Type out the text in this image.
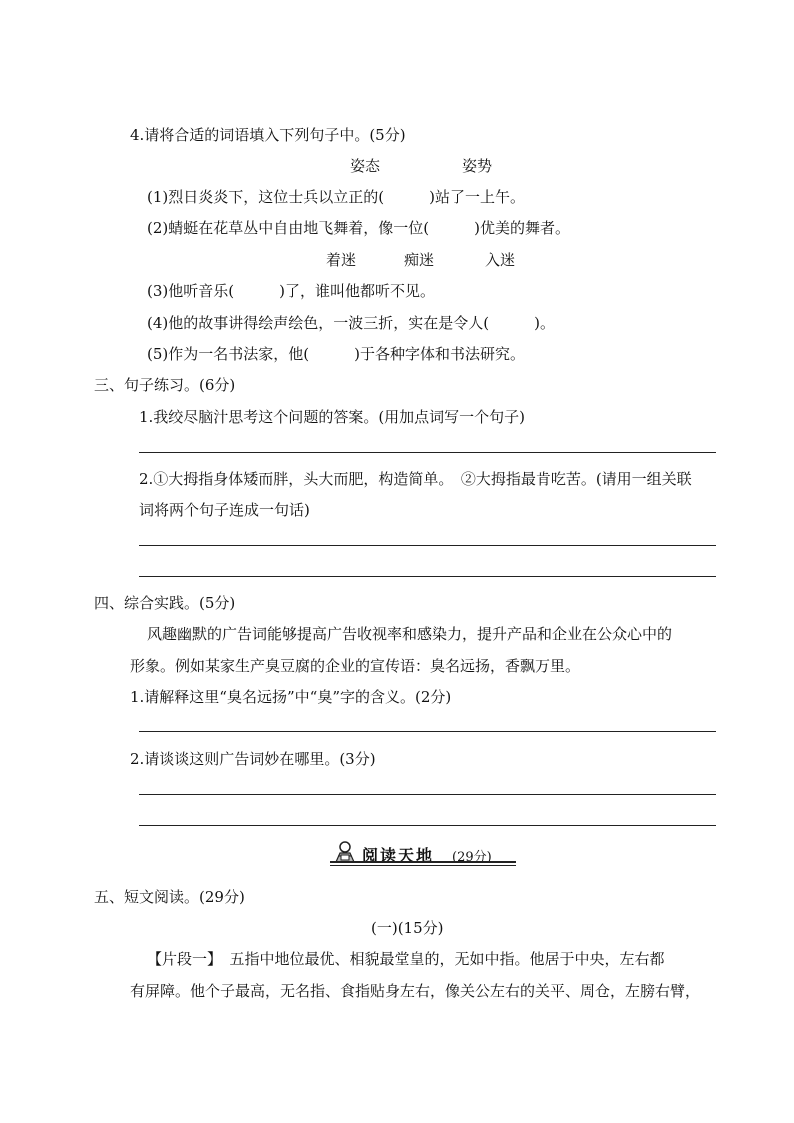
4.请将合适的词语填入下列句子中。(5分)
姿态	姿势
(1)烈日炎炎下，这位士兵以立正的(　　　)站了一上午。
(2)蜻蜓在花草丛中自由地飞舞着，像一位(　　　)优美的舞者。
着迷	痴迷	入迷
(3)他听音乐(　　　)了，谁叫他都听不见。
(4)他的故事讲得绘声绘色，一波三折，实在是令人(　　　)。
(5)作为一名书法家，他(　　　)于各种字体和书法研究。
三、句子练习。(6分)
1.我绞尽脑汁思考这个问题的答案。(用加点词写一个句子)
2.①大拇指身体矮而胖，头大而肥，构造简单。　②大拇指最肯吃苦。(请用一组关联
词将两个句子连成一句话)
四、综合实践。(5分)
风趣幽默的广告词能够提高广告收视率和感染力，提升产品和企业在公众心中的
形象。例如某家生产臭豆腐的企业的宣传语：臭名远扬，香飘万里。
1.请解释这里“臭名远扬”中“臭”字的含义。(2分)
2.请谈谈这则广告词妙在哪里。(3分)
阅读天地 (29分)
五、短文阅读。(29分)
(一)(15分)
【片段一】　五指中地位最优、相貌最堂皇的，无如中指。他居于中央，左右都
有屏障。他个子最高，无名指、食指贴身左右，像关公左右的关平、周仓，左膀右臂，
